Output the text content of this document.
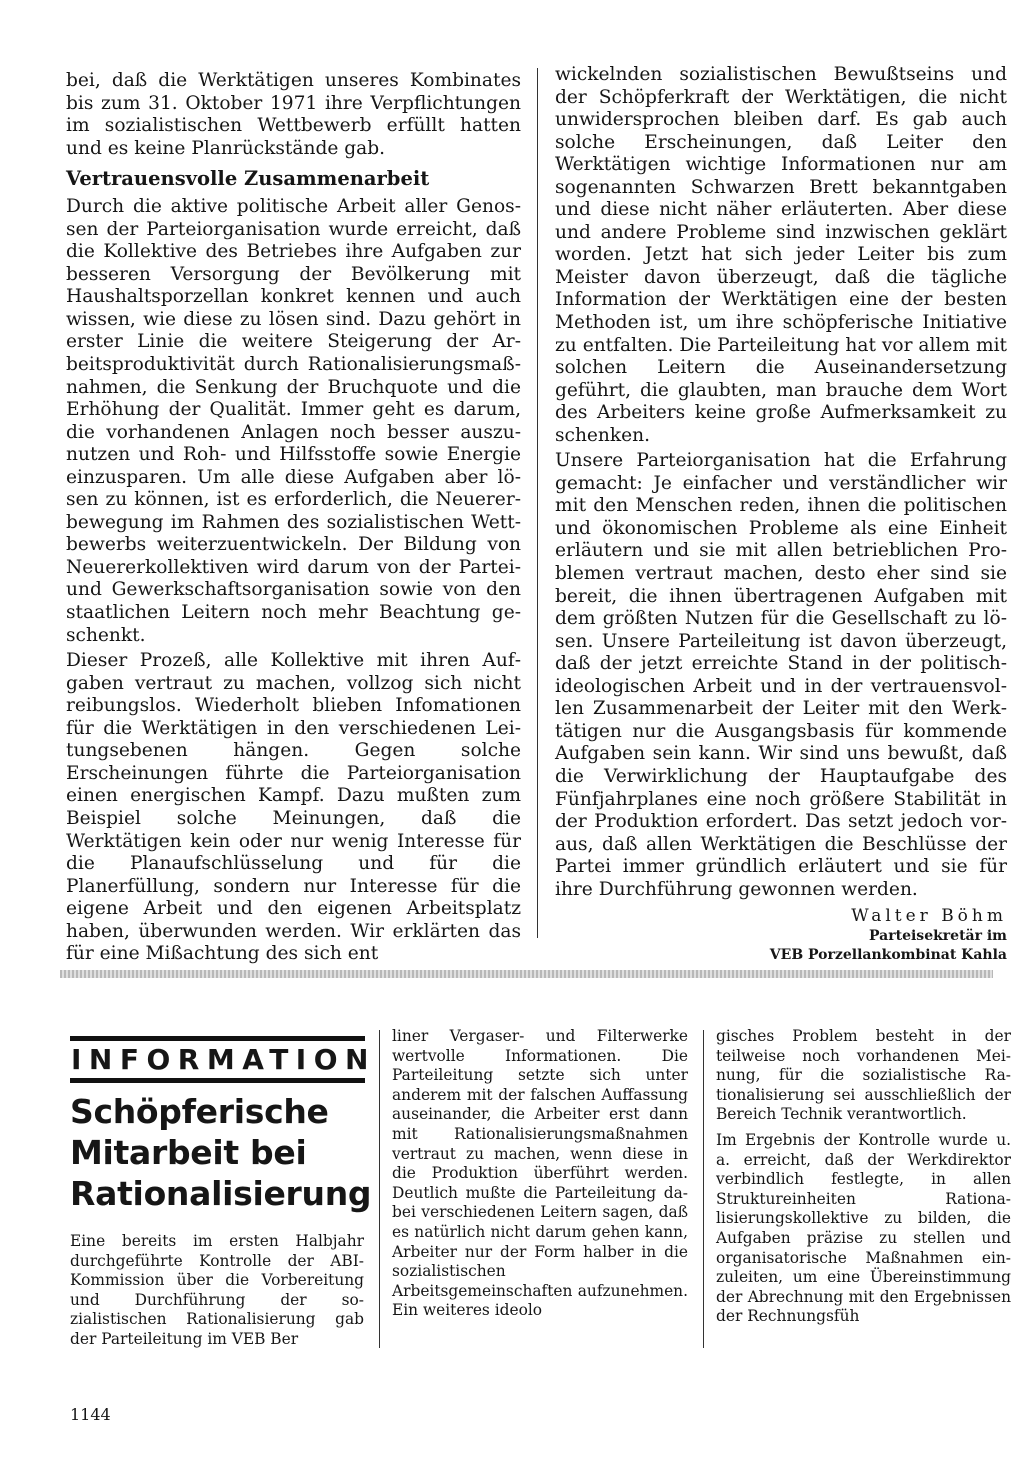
bei, daß die Werktätigen unseres Kombinates bis zum 31. Oktober 1971 ihre Verpflichtungen im sozialistischen Wettbewerb erfüllt hatten und es keine Planrückstände gab.

Vertrauensvolle Zusammenarbeit

Durch die aktive politische Arbeit aller Genossen der Parteiorganisation wurde erreicht, daß die Kollektive des Betriebes ihre Aufgaben zur besseren Versorgung der Bevölkerung mit Haushaltsporzellan konkret kennen und auch wissen, wie diese zu lösen sind. Dazu gehört in erster Linie die weitere Steigerung der Arbeitsproduktivität durch Rationalisierungsmaßnahmen, die Senkung der Bruchquote und die Erhöhung der Qualität. Immer geht es darum, die vorhandenen Anlagen noch besser auszunutzen und Roh- und Hilfsstoffe sowie Energie einzusparen. Um alle diese Aufgaben aber lösen zu können, ist es erforderlich, die Neuererbewegung im Rahmen des sozialistischen Wettbewerbs weiterzuentwickeln. Der Bildung von Neuererkollektiven wird darum von der Partei- und Gewerkschaftsorganisation sowie von den staatlichen Leitern noch mehr Beachtung geschenkt.

Dieser Prozeß, alle Kollektive mit ihren Aufgaben vertraut zu machen, vollzog sich nicht reibungslos. Wiederholt blieben Infomationen für die Werktätigen in den verschiedenen Leitungsebenen hängen. Gegen solche Erscheinungen führte die Parteiorganisation einen energischen Kampf. Dazu mußten zum Beispiel solche Meinungen, daß die Werktätigen kein oder nur wenig Interesse für die Planaufschlüsselung und für die Planerfüllung, sondern nur Interesse für die eigene Arbeit und den eigenen Arbeitsplatz haben, überwunden werden. Wir erklärten das für eine Mißachtung des sich ent

wickelnden sozialistischen Bewußtseins und der Schöpferkraft der Werktätigen, die nicht unwidersprochen bleiben darf. Es gab auch solche Erscheinungen, daß Leiter den Werktätigen wichtige Informationen nur am sogenannten Schwarzen Brett bekanntgaben und diese nicht näher erläuterten. Aber diese und andere Probleme sind inzwischen geklärt worden. Jetzt hat sich jeder Leiter bis zum Meister davon überzeugt, daß die tägliche Information der Werktätigen eine der besten Methoden ist, um ihre schöpferische Initiative zu entfalten. Die Parteileitung hat vor allem mit solchen Leitern die Auseinandersetzung geführt, die glaubten, man brauche dem Wort des Arbeiters keine große Aufmerksamkeit zu schenken.

Unsere Parteiorganisation hat die Erfahrung gemacht: Je einfacher und verständlicher wir mit den Menschen reden, ihnen die politischen und ökonomischen Probleme als eine Einheit erläutern und sie mit allen betrieblichen Problemen vertraut machen, desto eher sind sie bereit, die ihnen übertragenen Aufgaben mit dem größten Nutzen für die Gesellschaft zu lösen. Unsere Parteileitung ist davon überzeugt, daß der jetzt erreichte Stand in der politisch-ideologischen Arbeit und in der vertrauensvollen Zusammenarbeit der Leiter mit den Werktätigen nur die Ausgangsbasis für kommende Aufgaben sein kann. Wir sind uns bewußt, daß die Verwirklichung der Hauptaufgabe des Fünfjahrplanes eine noch größere Stabilität in der Produktion erfordert. Das setzt jedoch voraus, daß allen Werktätigen die Beschlüsse der Partei immer gründlich erläutert und sie für ihre Durchführung gewonnen werden.

Walter Böhm
Parteisekretär im
VEB Porzellankombinat Kahla

INFORMATION
Schöpferische
Mitarbeit bei
Rationalisierung

Eine bereits im ersten Halbjahr durchgeführte Kontrolle der ABI-Kommission über die Vorbereitung und Durchführung der sozialistischen Rationalisierung gab der Parteileitung im VEB Ber

liner Vergaser- und Filterwerke wertvolle Informationen. Die Parteileitung setzte sich unter anderem mit der falschen Auffassung auseinander, die Arbeiter erst dann mit Rationalisierungsmaßnahmen vertraut zu machen, wenn diese in die Produktion überführt werden. Deutlich mußte die Parteileitung dabei verschiedenen Leitern sagen, daß es natürlich nicht darum gehen kann, Arbeiter nur der Form halber in die sozialistischen Arbeitsgemeinschaften aufzunehmen. Ein weiteres ideolo

gisches Problem besteht in der teilweise noch vorhandenen Meinung, für die sozialistische Rationalisierung sei ausschließlich der Bereich Technik verantwortlich.

Im Ergebnis der Kontrolle wurde u. a. erreicht, daß der Werkdirektor verbindlich festlegte, in allen Struktureinheiten Rationalisierungskollektive zu bilden, die Aufgaben präzise zu stellen und organisatorische Maßnahmen einzuleiten, um eine Übereinstimmung der Abrechnung mit den Ergebnissen der Rechnungsfüh

1144
